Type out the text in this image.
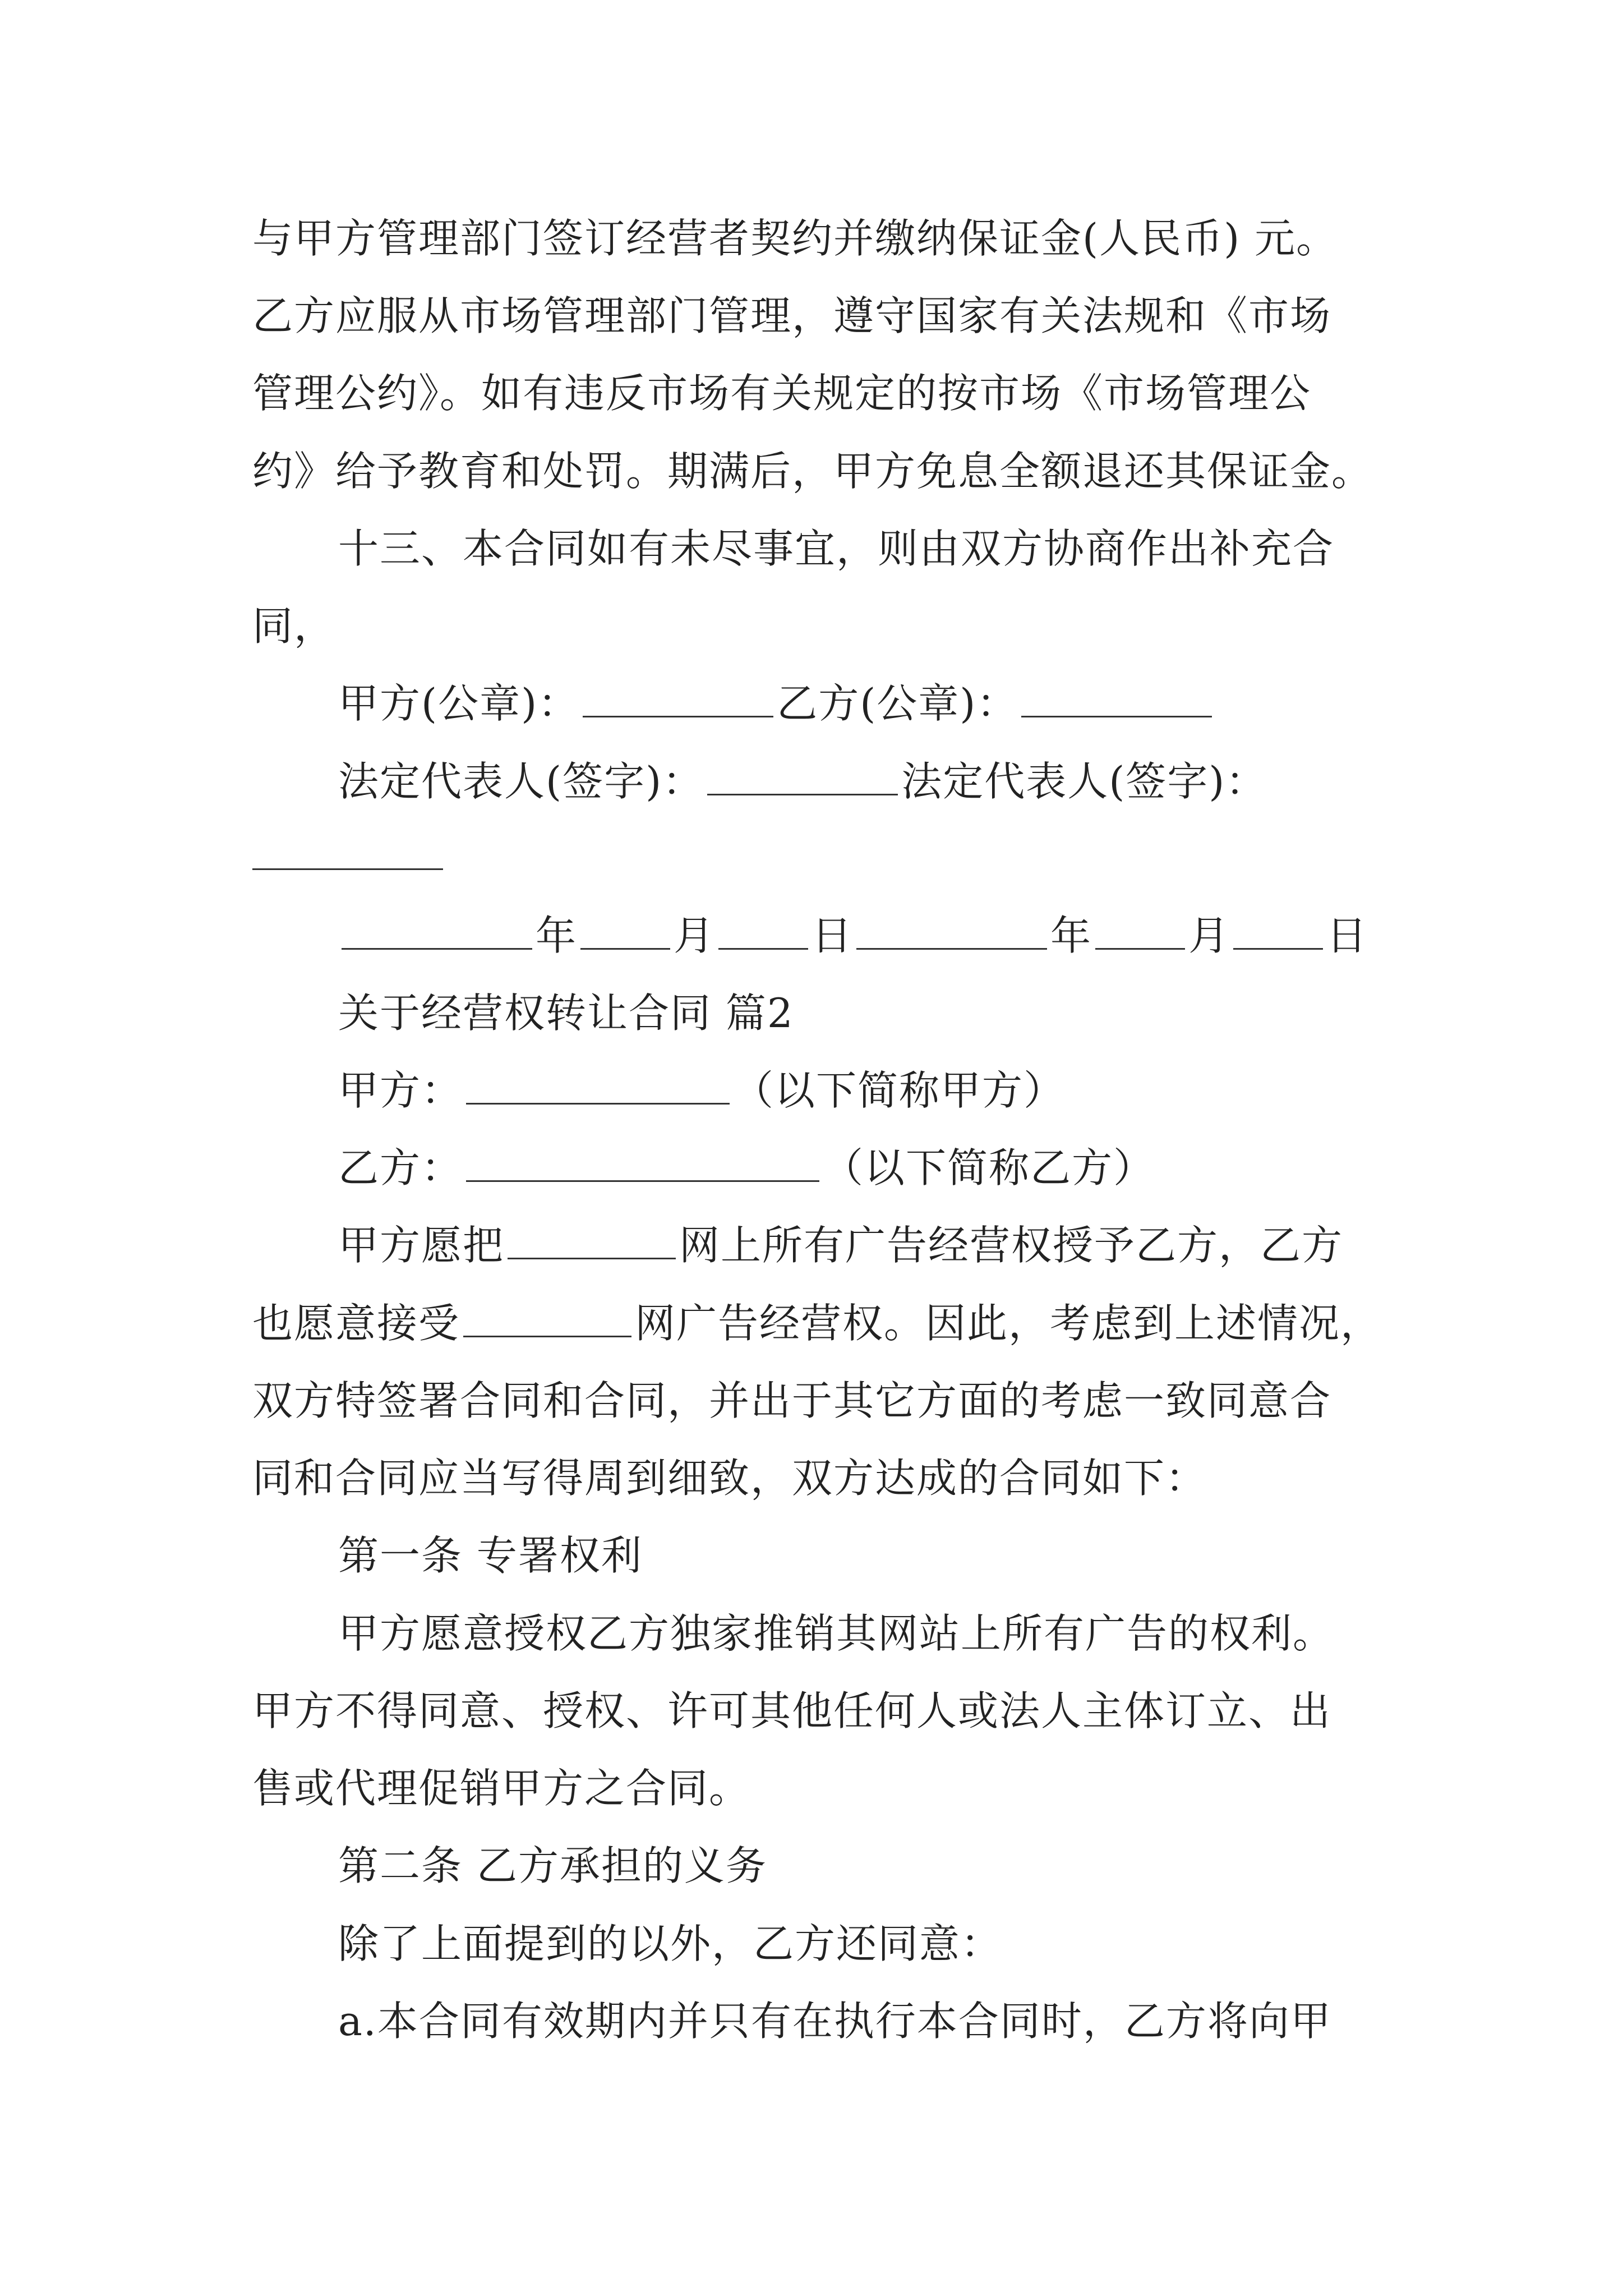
与甲方管理部门签订经营者契约并缴纳保证金(人民币) 元。
乙方应服从市场管理部门管理，遵守国家有关法规和《市场
管理公约》。如有违反市场有关规定的按市场《市场管理公
约》给予教育和处罚。期满后，甲方免息全额退还其保证金。
十三、本合同如有未尽事宜，则由双方协商作出补充合
同，
甲方(公章)：	乙方(公章)：
法定代表人(签字)：	法定代表人(签字)：
年 月 日	年 月 日
关于经营权转让合同 篇2
甲方：	（以下简称甲方）
乙方：	（以下简称乙方）
甲方愿把	网上所有广告经营权授予乙方，乙方
也愿意接受	网广告经营权。因此，考虑到上述情况，
双方特签署合同和合同，并出于其它方面的考虑一致同意合
同和合同应当写得周到细致，双方达成的合同如下：
第一条 专署权利
甲方愿意授权乙方独家推销其网站上所有广告的权利。
甲方不得同意、授权、许可其他任何人或法人主体订立、出
售或代理促销甲方之合同。
第二条 乙方承担的义务
除了上面提到的以外，乙方还同意：
a.本合同有效期内并只有在执行本合同时，乙方将向甲
